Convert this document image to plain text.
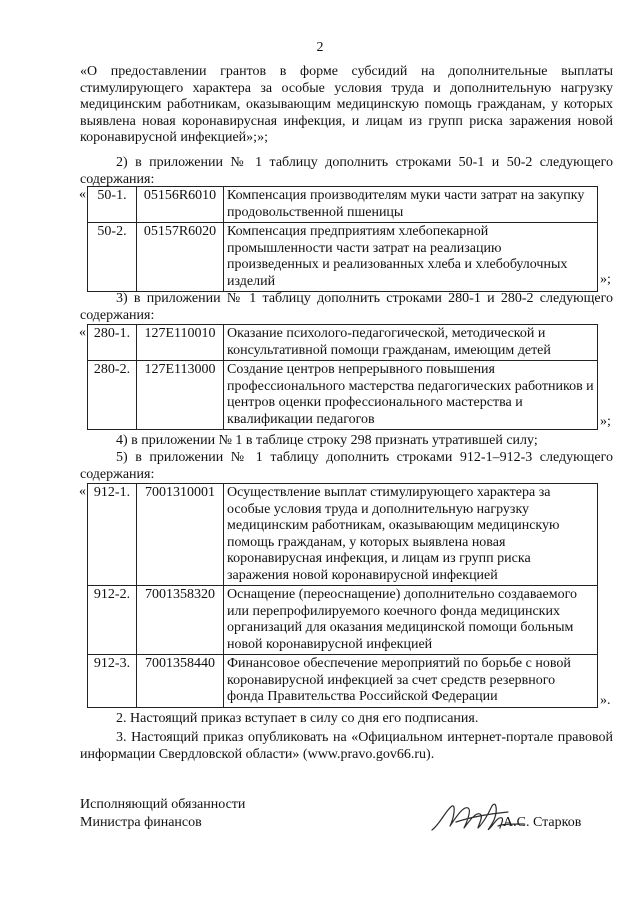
2
«О предоставлении грантов в форме субсидий на дополнительные выплаты стимулирующего характера за особые условия труда и дополнительную нагрузку медицинским работникам, оказывающим медицинскую помощь гражданам, у которых выявлена новая коронавирусная инфекция, и лицам из групп риска заражения новой коронавирусной инфекцией»;»;
2) в приложении № 1 таблицу дополнить строками 50-1 и 50-2 следующего содержания:
« 50-1.	05156R6010	Компенсация производителям муки части затрат на закупку продовольственной пшеницы
50-2.	05157R6020	Компенсация предприятиям хлебопекарной промышленности части затрат на реализацию произведенных и реализованных хлеба и хлебобулочных изделий	»;
3) в приложении № 1 таблицу дополнить строками 280-1 и 280-2 следующего содержания:
« 280-1.	127E110010	Оказание психолого-педагогической, методической и консультативной помощи гражданам, имеющим детей
280-2.	127E113000	Создание центров непрерывного повышения профессионального мастерства педагогических работников и центров оценки профессионального мастерства и квалификации педагогов	»;
4) в приложении № 1 в таблице строку 298 признать утратившей силу;
5) в приложении № 1 таблицу дополнить строками 912-1–912-3 следующего содержания:
« 912-1.	7001310001	Осуществление выплат стимулирующего характера за особые условия труда и дополнительную нагрузку медицинским работникам, оказывающим медицинскую помощь гражданам, у которых выявлена новая коронавирусная инфекция, и лицам из групп риска заражения новой коронавирусной инфекцией
912-2.	7001358320	Оснащение (переоснащение) дополнительно создаваемого или перепрофилируемого коечного фонда медицинских организаций для оказания медицинской помощи больным новой коронавирусной инфекцией
912-3.	7001358440	Финансовое обеспечение мероприятий по борьбе с новой коронавирусной инфекцией за счет средств резервного фонда Правительства Российской Федерации	».
2. Настоящий приказ вступает в силу со дня его подписания.
3. Настоящий приказ опубликовать на «Официальном интернет-портале правовой информации Свердловской области» (www.pravo.gov66.ru).
Исполняющий обязанности
Министра финансов	А.С. Старков
